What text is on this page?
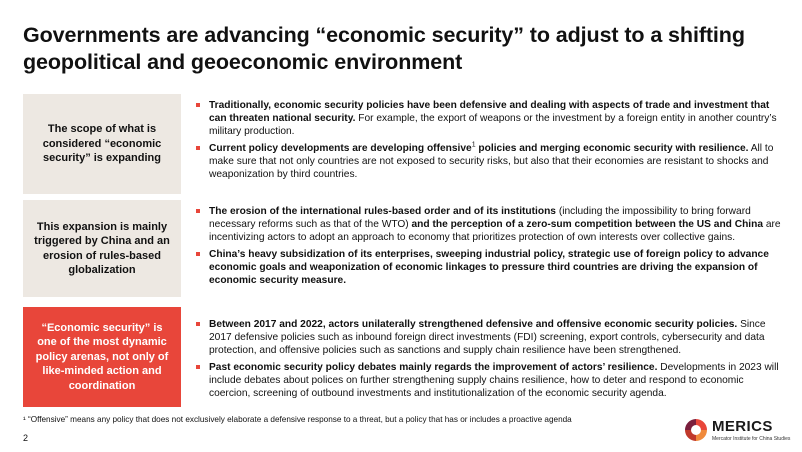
Governments are advancing “economic security” to adjust to a shifting geopolitical and geoeconomic environment
The scope of what is considered “economic security” is expanding
Traditionally, economic security policies have been defensive and dealing with aspects of trade and investment that can threaten national security. For example, the export of weapons or the investment by a foreign entity in another country’s military production.
Current policy developments are developing offensive$^1$ policies and merging economic security with resilience. All to make sure that not only countries are not exposed to security risks, but also that their economies are resistant to shocks and weaponization by third countries.
This expansion is mainly triggered by China and an erosion of rules-based globalization
The erosion of the international rules-based order and of its institutions (including the impossibility to bring forward necessary reforms such as that of the WTO) and the perception of a zero-sum competition between the US and China are incentivizing actors to adopt an approach to economy that prioritizes protection of own interests over collective gains.
China’s heavy subsidization of its enterprises, sweeping industrial policy, strategic use of foreign policy to advance economic goals and weaponization of economic linkages to pressure third countries are driving the expansion of economic security measure.
“Economic security” is one of the most dynamic policy arenas, not only of like-minded action and coordination
Between 2017 and 2022, actors unilaterally strengthened defensive and offensive economic security policies. Since 2017 defensive policies such as inbound foreign direct investments (FDI) screening, export controls, cybersecurity and data protection, and offensive policies such as sanctions and supply chain resilience have been strengthened.
Past economic security policy debates mainly regards the improvement of actors’ resilience. Developments in 2023 will include debates about polices on further strengthening supply chains resilience, how to deter and respond to economic coercion, screening of outbound investments and institutionalization of the economic security agenda.
¹ “Offensive” means any policy that does not exclusively elaborate a defensive response to a threat, but a policy that has or includes a proactive agenda
2
MERICS
Mercator Institute for China Studies
